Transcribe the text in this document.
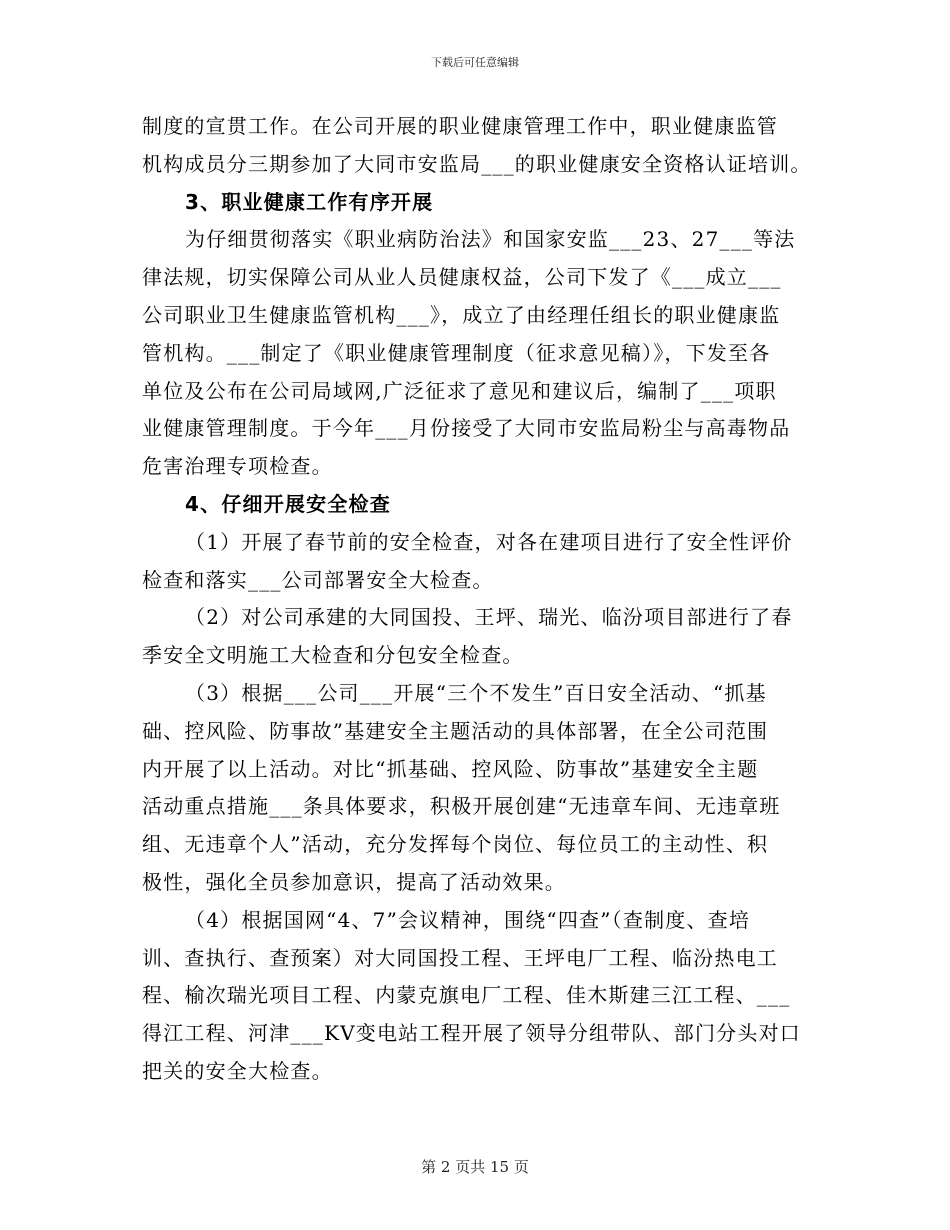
下载后可任意编辑
制度的宣贯工作。在公司开展的职业健康管理工作中，职业健康监管
机构成员分三期参加了大同市安监局___的职业健康安全资格认证培训。
3、职业健康工作有序开展
为仔细贯彻落实《职业病防治法》和国家安监___23、27___等法
律法规，切实保障公司从业人员健康权益，公司下发了《___成立___
公司职业卫生健康监管机构___》，成立了由经理任组长的职业健康监
管机构。___制定了《职业健康管理制度（征求意见稿）》，下发至各
单位及公布在公司局域网,广泛征求了意见和建议后，编制了___项职
业健康管理制度。于今年___月份接受了大同市安监局粉尘与高毒物品
危害治理专项检查。
4、仔细开展安全检查
（1）开展了春节前的安全检查，对各在建项目进行了安全性评价
检查和落实___公司部署安全大检查。
（2）对公司承建的大同国投、王坪、瑞光、临汾项目部进行了春
季安全文明施工大检查和分包安全检查。
（3）根据___公司___开展“三个不发生”百日安全活动、“抓基
础、控风险、防事故”基建安全主题活动的具体部署，在全公司范围
内开展了以上活动。对比“抓基础、控风险、防事故”基建安全主题
活动重点措施___条具体要求，积极开展创建“无违章车间、无违章班
组、无违章个人”活动，充分发挥每个岗位、每位员工的主动性、积
极性，强化全员参加意识，提高了活动效果。
（4）根据国网“4、7”会议精神，围绕“四查”（查制度、查培
训、查执行、查预案）对大同国投工程、王坪电厂工程、临汾热电工
程、榆次瑞光项目工程、内蒙克旗电厂工程、佳木斯建三江工程、___
得江工程、河津___KV变电站工程开展了领导分组带队、部门分头对口
把关的安全大检查。
第 2 页共 15 页
